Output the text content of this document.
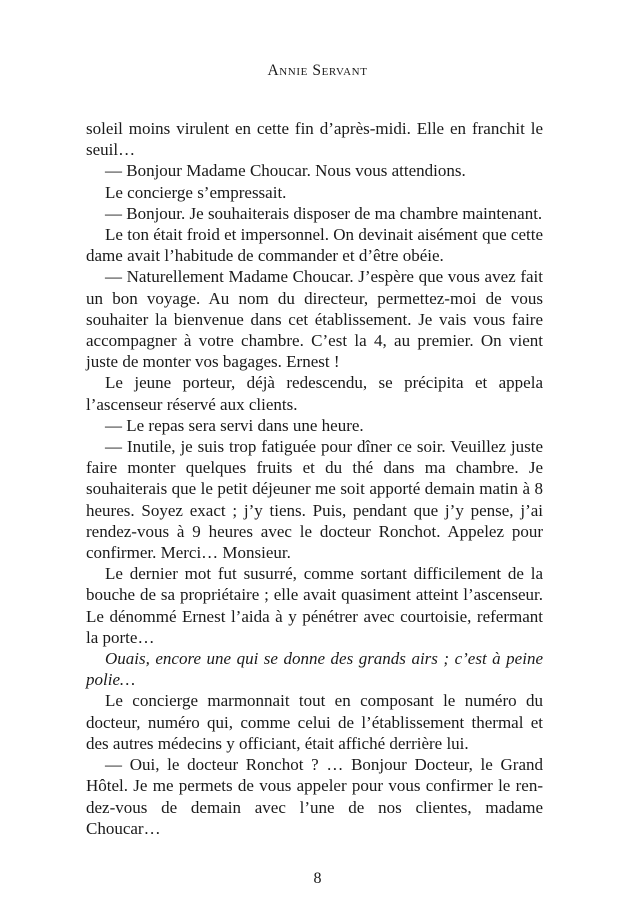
Annie Servant

soleil moins virulent en cette fin d’après-midi. Elle en franchit le seuil…

— Bonjour Madame Choucar. Nous vous attendions.

Le concierge s’empressait.

— Bonjour. Je souhaiterais disposer de ma chambre maintenant.

Le ton était froid et impersonnel. On devinait aisément que cette dame avait l’habitude de commander et d’être obéie.

— Naturellement Madame Choucar. J’espère que vous avez fait un bon voyage. Au nom du directeur, permettez-moi de vous souhaiter la bienvenue dans cet établissement. Je vais vous faire accompagner à votre chambre. C’est la 4, au premier. On vient juste de monter vos bagages. Ernest !

Le jeune porteur, déjà redescendu, se précipita et appela l’ascenseur réservé aux clients.

— Le repas sera servi dans une heure.

— Inutile, je suis trop fatiguée pour dîner ce soir. Veuillez juste faire monter quelques fruits et du thé dans ma chambre. Je souhaiterais que le petit déjeuner me soit apporté demain matin à 8 heures. Soyez exact ; j’y tiens. Puis, pendant que j’y pense, j’ai rendez-vous à 9 heures avec le docteur Ronchot. Appelez pour confirmer. Merci… Monsieur.

Le dernier mot fut susurré, comme sortant difficilement de la bouche de sa propriétaire ; elle avait quasiment atteint l’ascenseur. Le dénommé Ernest l’aida à y pénétrer avec courtoisie, refermant la porte…

Ouais, encore une qui se donne des grands airs ; c’est à peine polie…

Le concierge marmonnait tout en composant le numéro du docteur, numéro qui, comme celui de l’établissement thermal et des autres médecins y officiant, était affiché derrière lui.

— Oui, le docteur Ronchot ? … Bonjour Docteur, le Grand Hôtel. Je me permets de vous appeler pour vous confirmer le rendez-vous de demain avec l’une de nos clientes, madame Choucar…

8
